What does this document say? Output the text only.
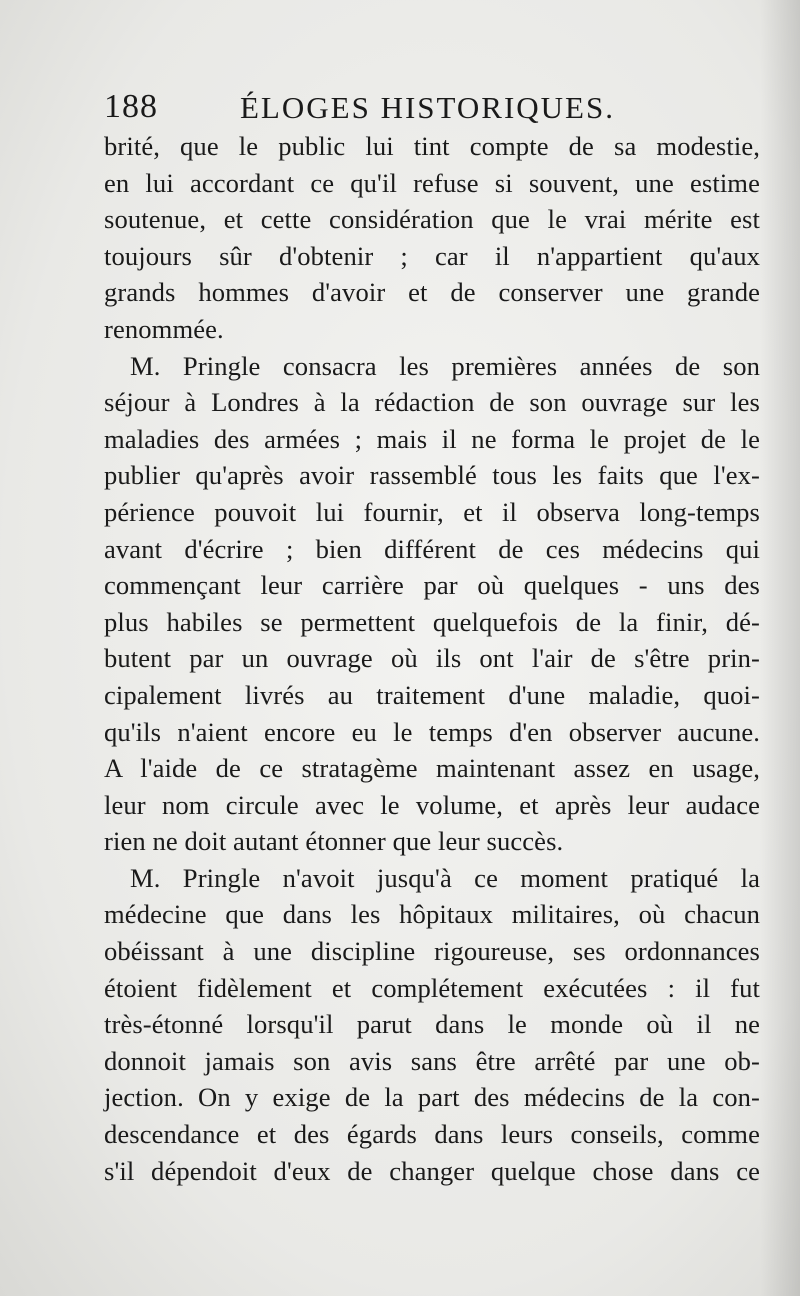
188	ÉLOGES HISTORIQUES.
brité, que le public lui tint compte de sa modestie,
en lui accordant ce qu'il refuse si souvent, une estime
soutenue, et cette considération que le vrai mérite est
toujours sûr d'obtenir ; car il n'appartient qu'aux
grands hommes d'avoir et de conserver une grande
renommée.
M. Pringle consacra les premières années de son
séjour à Londres à la rédaction de son ouvrage sur les
maladies des armées ; mais il ne forma le projet de le
publier qu'après avoir rassemblé tous les faits que l'ex-
périence pouvoit lui fournir, et il observa long-temps
avant d'écrire ; bien différent de ces médecins qui
commençant leur carrière par où quelques - uns des
plus habiles se permettent quelquefois de la finir, dé-
butent par un ouvrage où ils ont l'air de s'être prin-
cipalement livrés au traitement d'une maladie, quoi-
qu'ils n'aient encore eu le temps d'en observer aucune.
A l'aide de ce stratagème maintenant assez en usage,
leur nom circule avec le volume, et après leur audace
rien ne doit autant étonner que leur succès.
M. Pringle n'avoit jusqu'à ce moment pratiqué la
médecine que dans les hôpitaux militaires, où chacun
obéissant à une discipline rigoureuse, ses ordonnances
étoient fidèlement et complétement exécutées : il fut
très-étonné lorsqu'il parut dans le monde où il ne
donnoit jamais son avis sans être arrêté par une ob-
jection. On y exige de la part des médecins de la con-
descendance et des égards dans leurs conseils, comme
s'il dépendoit d'eux de changer quelque chose dans ce
